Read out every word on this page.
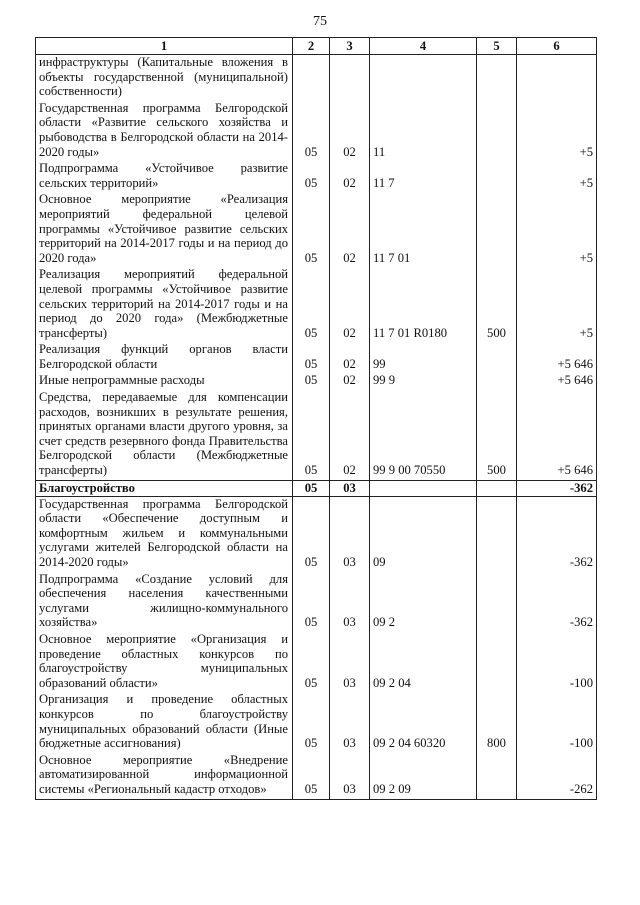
75
1	2	3	4	5	6
инфраструктуры (Капитальные вложения в объекты государственной (муниципальной) собственности)					
Государственная программа Белгородской области «Развитие сельского хозяйства и рыбоводства в Белгородской области на 2014-2020 годы»	05	02	11		+5
Подпрограмма «Устойчивое развитие сельских территорий»	05	02	11 7		+5
Основное мероприятие «Реализация мероприятий федеральной целевой программы «Устойчивое развитие сельских территорий на 2014-2017 годы и на период до 2020 года»	05	02	11 7 01		+5
Реализация мероприятий федеральной целевой программы «Устойчивое развитие сельских территорий на 2014-2017 годы и на период до 2020 года» (Межбюджетные трансферты)	05	02	11 7 01 R0180	500	+5
Реализация функций органов власти Белгородской области	05	02	99		+5 646
Иные непрограммные расходы	05	02	99 9		+5 646
Средства, передаваемые для компенсации расходов, возникших в результате решения, принятых органами власти другого уровня, за счет средств резервного фонда Правительства Белгородской области (Межбюджетные трансферты)	05	02	99 9 00 70550	500	+5 646
Благоустройство	05	03			-362
Государственная программа Белгородской области «Обеспечение доступным и комфортным жильем и коммунальными услугами жителей Белгородской области на 2014-2020 годы»	05	03	09		-362
Подпрограмма «Создание условий для обеспечения населения качественными услугами жилищно-коммунального хозяйства»	05	03	09 2		-362
Основное мероприятие «Организация и проведение областных конкурсов по благоустройству муниципальных образований области»	05	03	09 2 04		-100
Организация и проведение областных конкурсов по благоустройству муниципальных образований области (Иные бюджетные ассигнования)	05	03	09 2 04 60320	800	-100
Основное мероприятие «Внедрение автоматизированной информационной системы «Региональный кадастр отходов»	05	03	09 2 09		-262
